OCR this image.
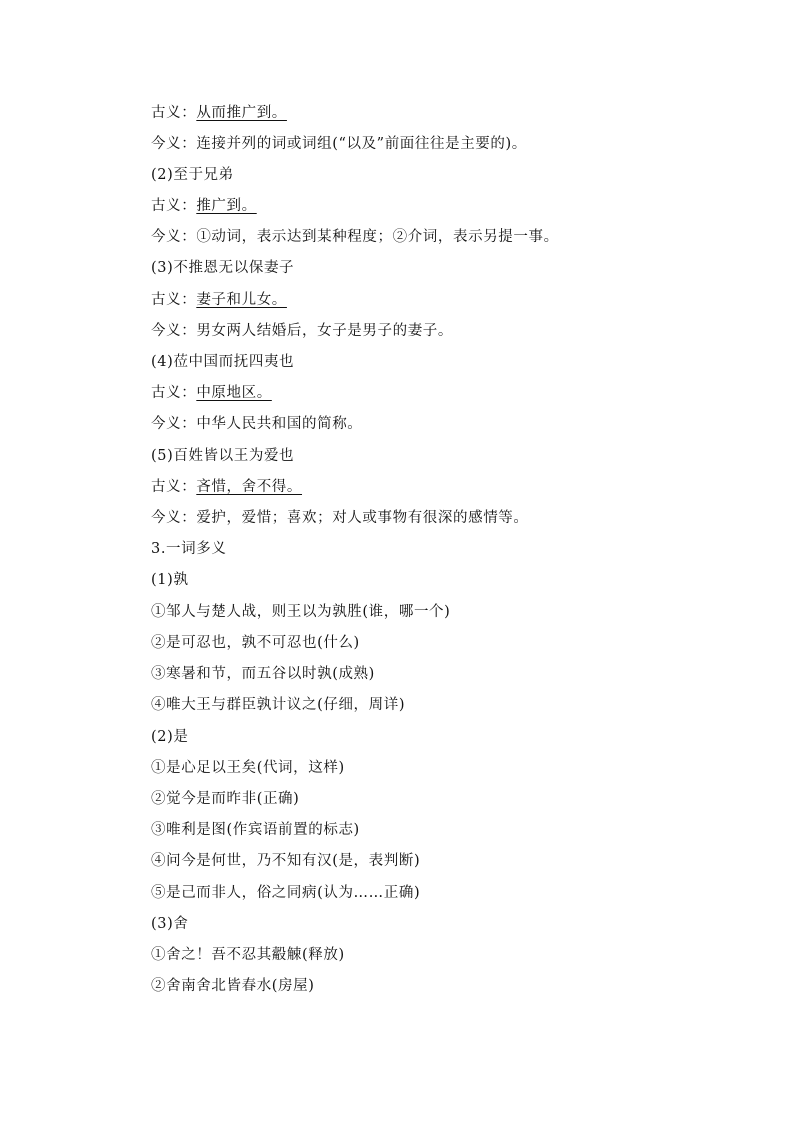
古义：从而推广到。
今义：连接并列的词或词组(“以及”前面往往是主要的)。
(2)至于兄弟
古义：推广到。
今义：①动词，表示达到某种程度；②介词，表示另提一事。
(3)不推恩无以保妻子
古义：妻子和儿女。
今义：男女两人结婚后，女子是男子的妻子。
(4)莅中国而抚四夷也
古义：中原地区。
今义：中华人民共和国的简称。
(5)百姓皆以王为爱也
古义：吝惜，舍不得。
今义：爱护，爱惜；喜欢；对人或事物有很深的感情等。
3.一词多义
(1)孰
①邹人与楚人战，则王以为孰胜(谁，哪一个)
②是可忍也，孰不可忍也(什么)
③寒暑和节，而五谷以时孰(成熟)
④唯大王与群臣孰计议之(仔细，周详)
(2)是
①是心足以王矣(代词，这样)
②觉今是而昨非(正确)
③唯利是图(作宾语前置的标志)
④问今是何世，乃不知有汉(是，表判断)
⑤是己而非人，俗之同病(认为……正确)
(3)舍
①舍之！吾不忍其觳觫(释放)
②舍南舍北皆春水(房屋)
